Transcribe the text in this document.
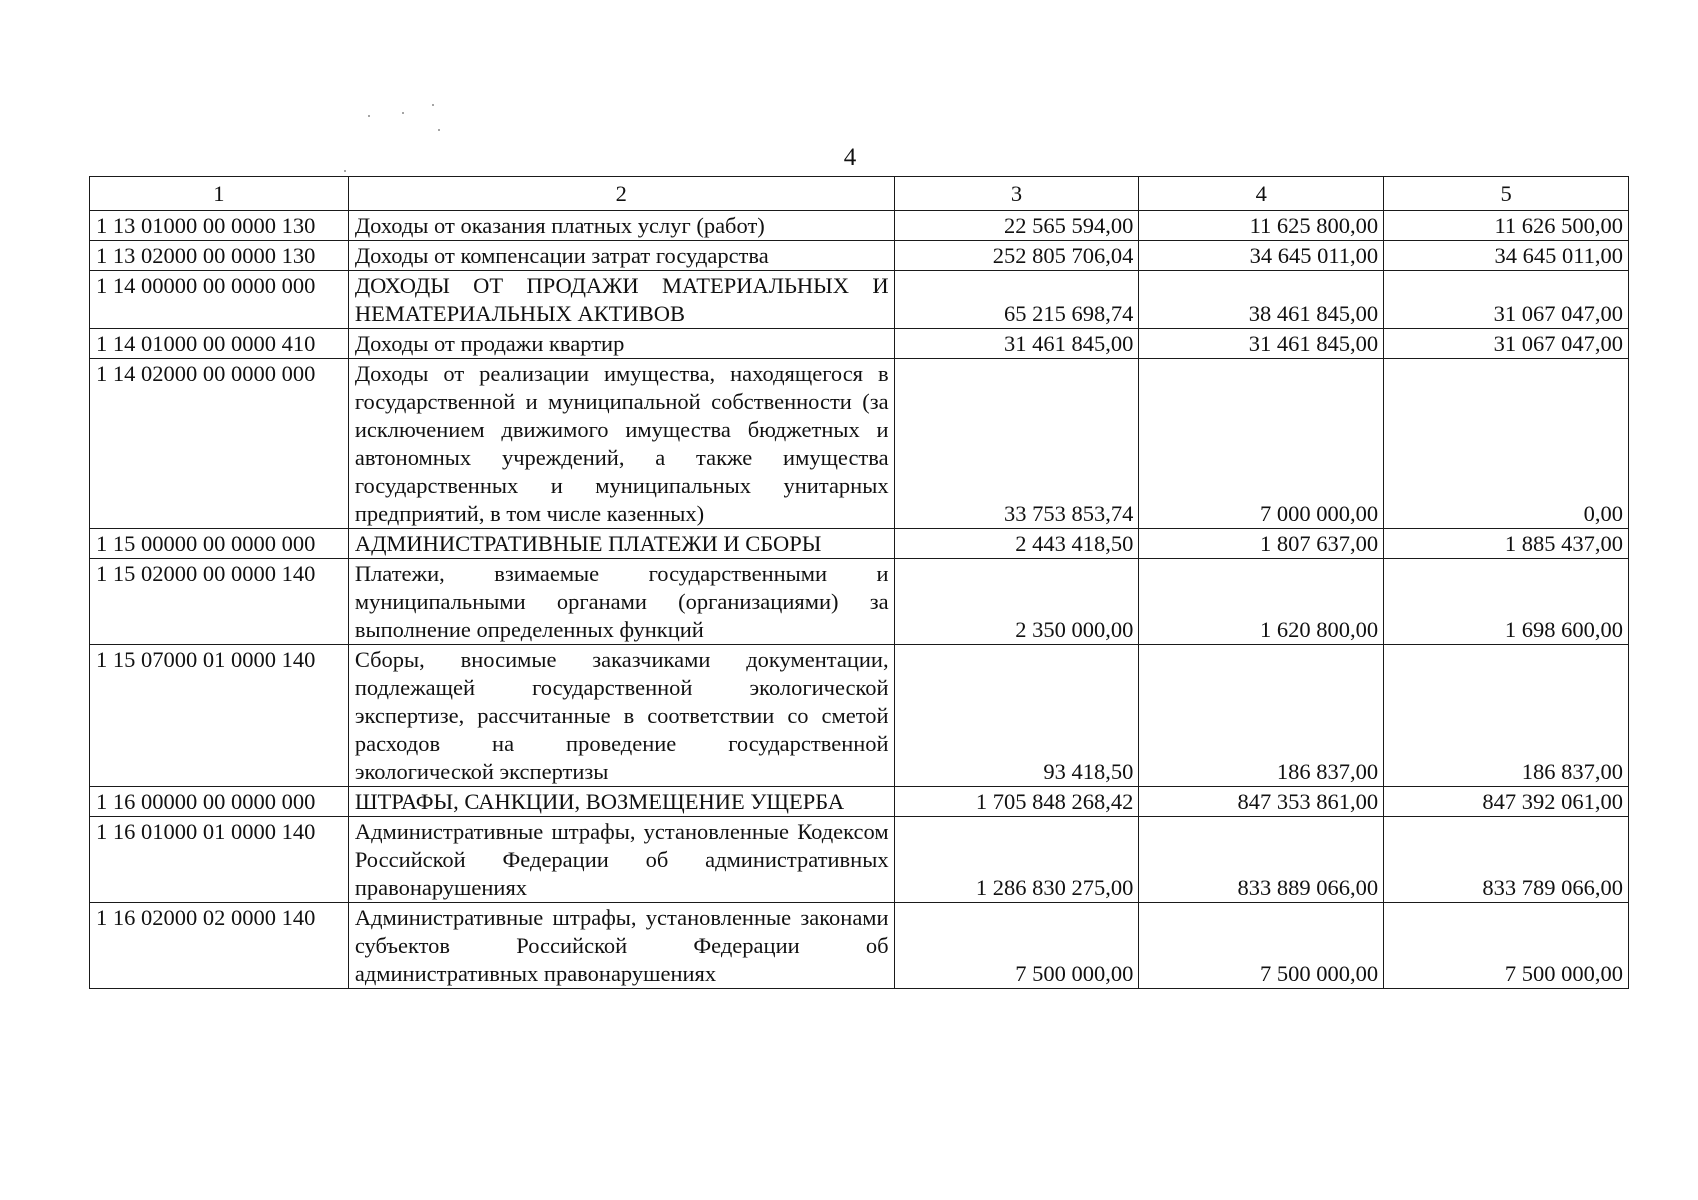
4
1	2	3	4	5
1 13 01000 00 0000 130	Доходы от оказания платных услуг (работ)	22 565 594,00	11 625 800,00	11 626 500,00
1 13 02000 00 0000 130	Доходы от компенсации затрат государства	252 805 706,04	34 645 011,00	34 645 011,00
1 14 00000 00 0000 000	ДОХОДЫ ОТ ПРОДАЖИ МАТЕРИАЛЬНЫХ И НЕМАТЕРИАЛЬНЫХ АКТИВОВ	65 215 698,74	38 461 845,00	31 067 047,00
1 14 01000 00 0000 410	Доходы от продажи квартир	31 461 845,00	31 461 845,00	31 067 047,00
1 14 02000 00 0000 000	Доходы от реализации имущества, находящегося в государственной и муниципальной собственности (за исключением движимого имущества бюджетных и автономных учреждений, а также имущества государственных и муниципальных унитарных предприятий, в том числе казенных)	33 753 853,74	7 000 000,00	0,00
1 15 00000 00 0000 000	АДМИНИСТРАТИВНЫЕ ПЛАТЕЖИ И СБОРЫ	2 443 418,50	1 807 637,00	1 885 437,00
1 15 02000 00 0000 140	Платежи, взимаемые государственными и муниципальными органами (организациями) за выполнение определенных функций	2 350 000,00	1 620 800,00	1 698 600,00
1 15 07000 01 0000 140	Сборы, вносимые заказчиками документации, подлежащей государственной экологической экспертизе, рассчитанные в соответствии со сметой расходов на проведение государственной экологической экспертизы	93 418,50	186 837,00	186 837,00
1 16 00000 00 0000 000	ШТРАФЫ, САНКЦИИ, ВОЗМЕЩЕНИЕ УЩЕРБА	1 705 848 268,42	847 353 861,00	847 392 061,00
1 16 01000 01 0000 140	Административные штрафы, установленные Кодексом Российской Федерации об административных правонарушениях	1 286 830 275,00	833 889 066,00	833 789 066,00
1 16 02000 02 0000 140	Административные штрафы, установленные законами субъектов Российской Федерации об административных правонарушениях	7 500 000,00	7 500 000,00	7 500 000,00
